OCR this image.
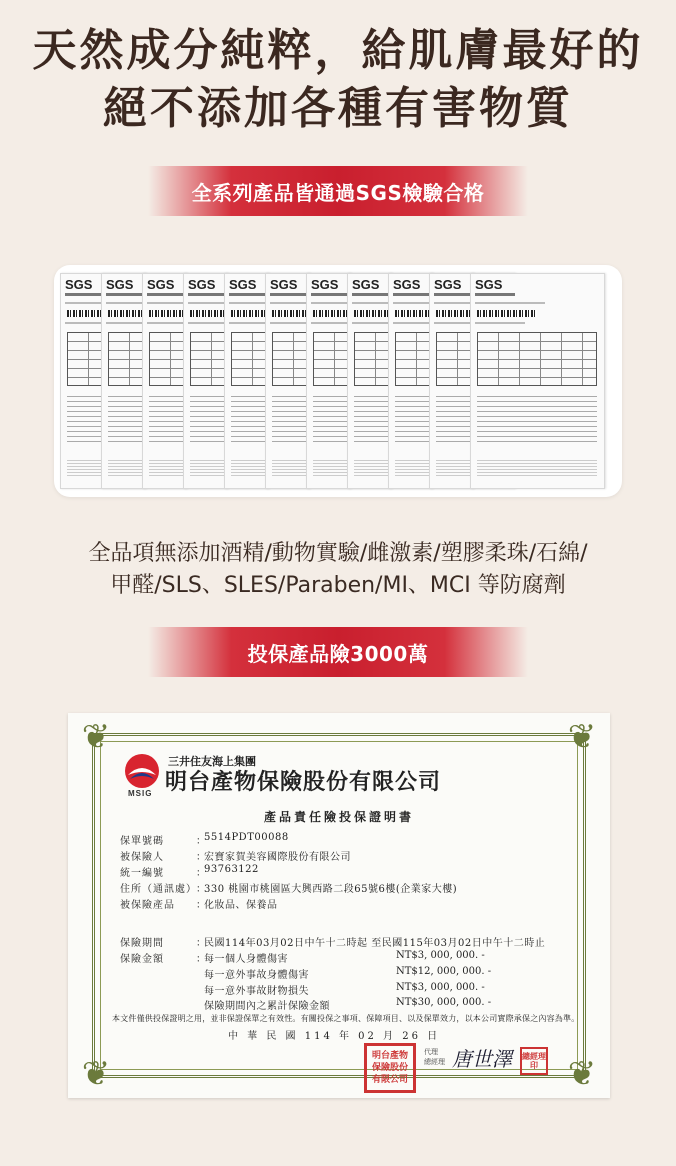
天然成分純粹，給肌膚最好的
絕不添加各種有害物質
全系列產品皆通過SGS檢驗合格
SGS SGS SGS SGS SGS SGS SGS SGS SGS SGS SGS
全品項無添加酒精/動物實驗/雌激素/塑膠柔珠/石綿/
甲醛/SLS、SLES/Paraben/MI、MCI 等防腐劑
投保產品險3000萬
❦	❦
❦	❦
MSIG
三井住友海上集團
明台產物保險股份有限公司
產品責任險投保證明書
保單號碼	：
5514PDT00088
被保險人	：
宏寶家賀美容國際股份有限公司
統一編號	：
93763122
住所（通訊處） ：
330 桃園市桃園區大興西路二段65號6樓(企業家大樓)
被保險產品 ：
化妝品、保養品
保險期間	：
民國114年03月02日中午十二時起 至民國115年03月02日中午十二時止
保險金額	：
每一個人身體傷害	NT$3, 000, 000. -
每一意外事故身體傷害	NT$12, 000, 000. -
每一意外事故財物損失	NT$3, 000, 000. -
保險期間內之累計保險金額	NT$30, 000, 000. -
本文件僅供投保證明之用，並非保證保單之有效性。有關投保之事項、保障項目、以及保單效力，以本公司實際承保之內容為準。
中 華 民 國 114 年 02 月 26 日
明台產物保險股份有限公司
代理
總經理 唐世澤 總經理印
